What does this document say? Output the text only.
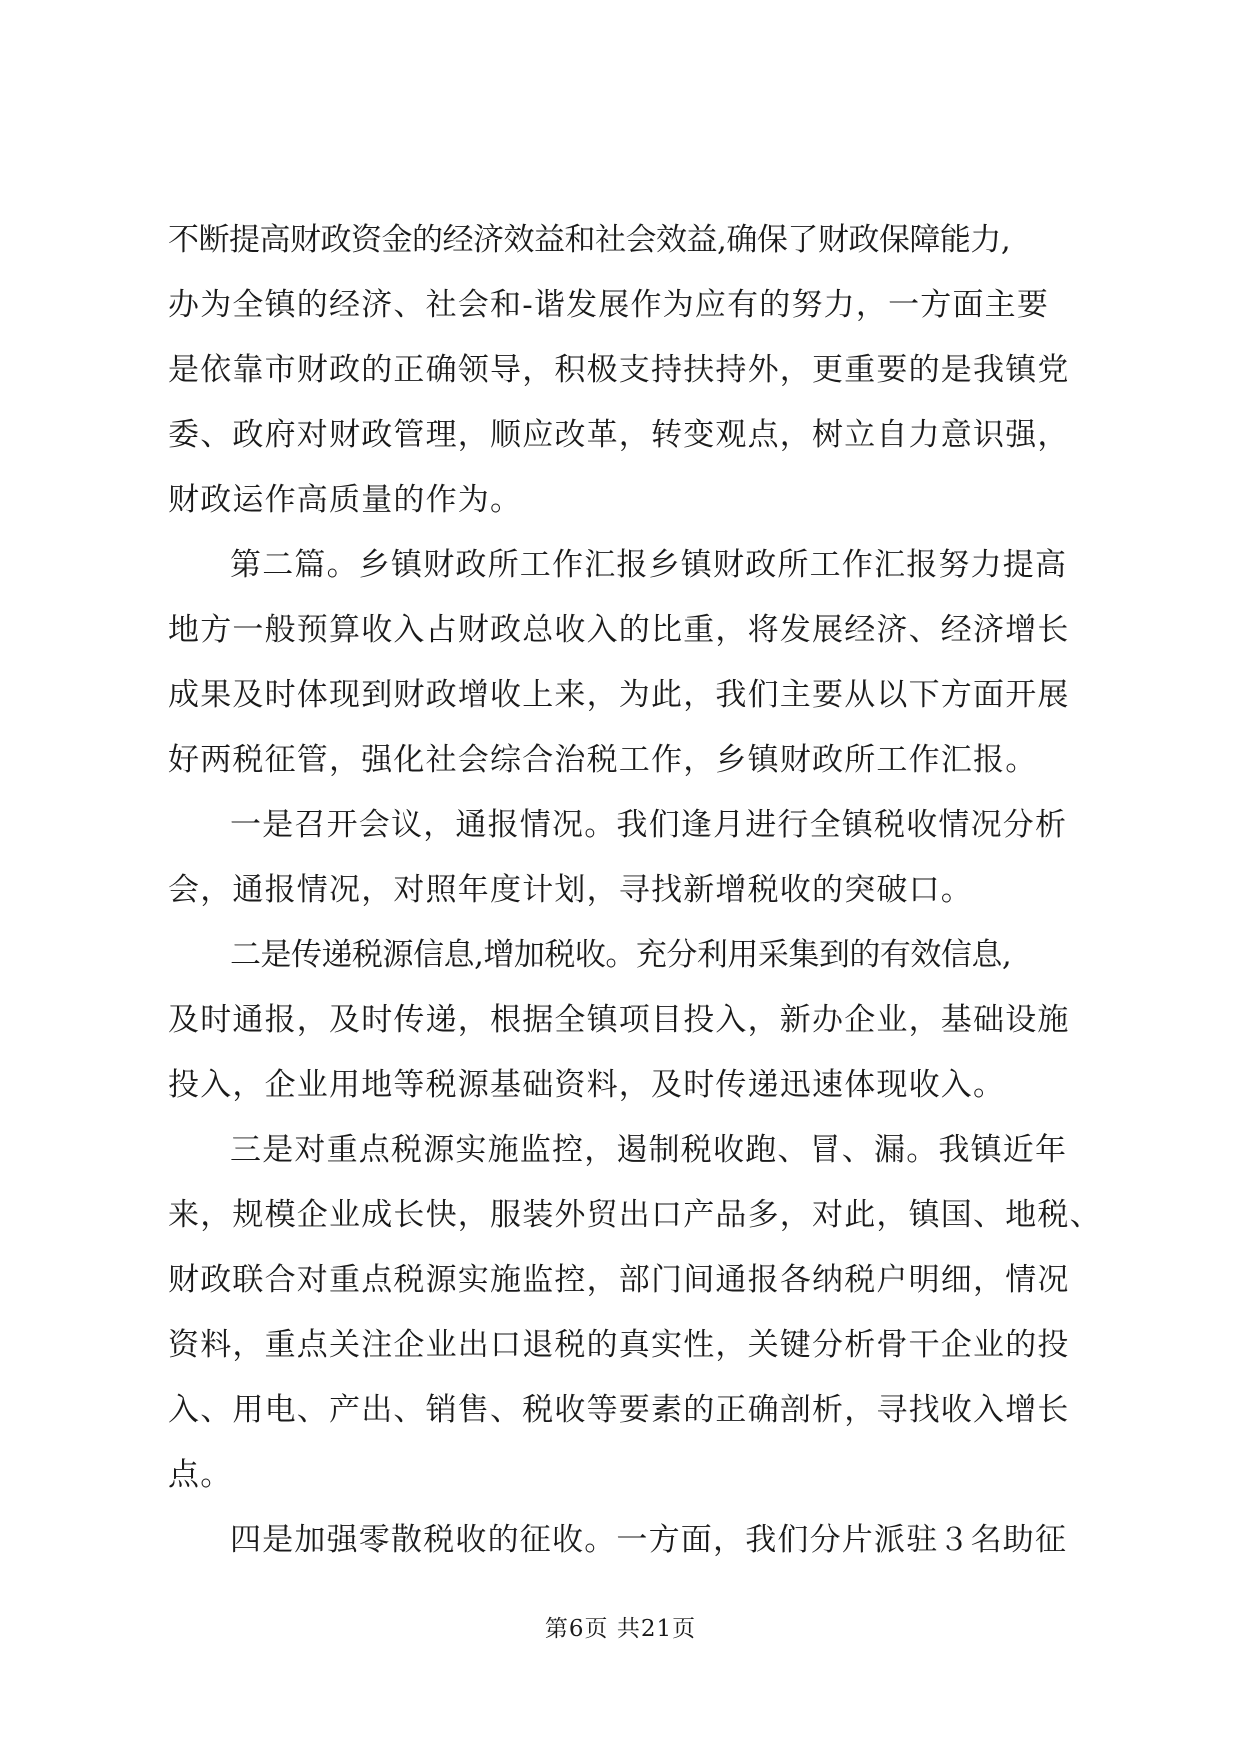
不断提高财政资金的经济效益和社会效益,确保了财政保障能力,
办为全镇的经济、社会和-谐发展作为应有的努力，一方面主要
是依靠市财政的正确领导，积极支持扶持外，更重要的是我镇党
委、政府对财政管理，顺应改革，转变观点，树立自力意识强，
财政运作高质量的作为。
第二篇。乡镇财政所工作汇报乡镇财政所工作汇报努力提高
地方一般预算收入占财政总收入的比重，将发展经济、经济增长
成果及时体现到财政增收上来，为此，我们主要从以下方面开展
好两税征管，强化社会综合治税工作，乡镇财政所工作汇报。
一是召开会议，通报情况。我们逢月进行全镇税收情况分析
会，通报情况，对照年度计划，寻找新增税收的突破口。
二是传递税源信息,增加税收。充分利用采集到的有效信息,
及时通报，及时传递，根据全镇项目投入，新办企业，基础设施
投入，企业用地等税源基础资料，及时传递迅速体现收入。
三是对重点税源实施监控，遏制税收跑、冒、漏。我镇近年
来，规模企业成长快，服装外贸出口产品多，对此，镇国、地税、
财政联合对重点税源实施监控，部门间通报各纳税户明细，情况
资料，重点关注企业出口退税的真实性，关键分析骨干企业的投
入、用电、产出、销售、税收等要素的正确剖析，寻找收入增长
点。
四是加强零散税收的征收。一方面，我们分片派驻３名助征
第6页 共21页
